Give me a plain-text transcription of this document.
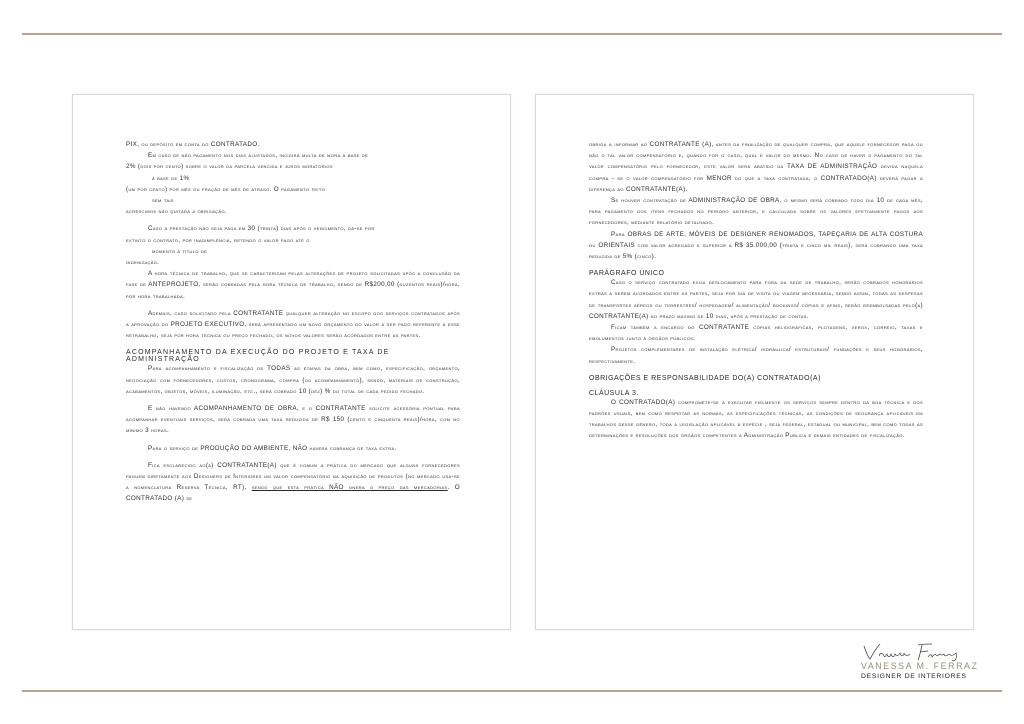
PIX, ou depósito em conta do CONTRATADO.

Em caso de não pagamento nos dias ajustados, incidirá multa de mora à base de

2% (dois por cento) sobre o valor da parcela vencida e juros moratórios

à base de 1%

(um por cento) por mês ou fração de mês de atraso. O pagamento feito

sem tais

acréscimos não quitará a obrigação.

Caso a prestação não seja paga em 30 (trinta) dias após o vencimento, dá-se por

extinto o contrato, por inadimplência, retendo o valor pago até o

momento à título de

indenização.

A hora técnica de trabalho, que se caracterizam pelas alterações de projeto solicitadas após a conclusão da fase de ANTEPROJETO, serão cobradas pela hora técnica de trabalho, sendo de R$200,00 (duzentos reais)/hora, por hora trabalhada.

Ademais, caso solicitado pela CONTRATANTE qualquer alteração no escopo dos serviços contratados após a aprovação do PROJETO EXECUTIVO, será apresentado um novo orçamento do valor a ser pago referente a esse retrabalho, seja por hora técnica ou preço fechado, os novos valores serão acordados entre as partes.

ACOMPANHAMENTO DA EXECUÇÃO DO PROJETO E TAXA DE ADMINISTRAÇÃO

Para acompanhamento e fiscalização de TODAS as etapas da obra, bem como, especificação, orçamento, negociação com fornecedores, custos, cronograma, compra (ou acompanhamento), sendo, materiais de construção, acabamentos, objetos, móveis, iluminação, etc., será cobrado 10 (dez) % do total de cada pedido fechado.

E não havendo ACOMPANHAMENTO DE OBRA, e o CONTRATANTE solicite acessória pontual para acompanhar eventuais serviços, será cobrada uma taxa reduzida de R$ 150 (cento e cinquenta reais)/hora, com no mínimo 3 horas.

Para o serviço de PRODUÇÃO DO AMBIENTE, NÃO haverá cobrança de taxa extra.

Fica esclarecido ao(à) CONTRATANTE(A) que é comum a prática do mercado que alguns fornecedores paguem diretamente aos Designers de Interiores um valor compensatório na aquisição de produtos (no mercado usa-se a nomenclatura Reserva Técnica, RT), sendo que esta prática NÃO onera o preço das mercadorias. O CONTRATADO (A) se

obriga a informar ao CONTRATANTE (A), antes da finalização de qualquer compra, que aquele fornecedor paga ou não o tal valor compensatório e, quando for o caso, qual é valor do mesmo. No caso de haver o pagamento do tal valor compensatório pelo fornecedor, este valor será abatido da TAXA DE ADMINISTRAÇÃO devida naquela compra - se o valor compensatório for MENOR do que a taxa contratada, o CONTRATADO(A) deverá pagar a diferença ao CONTRATANTE(A).

Se houver contratação de ADMINISTRAÇÃO DE OBRA, o mesmo será cobrado todo dia 10 de cada mês, para pagamento dos itens fechados no período anterior, e calculada sobre os valores efetivamente pagos aos fornecedores, mediante relatório detalhado.

Para OBRAS DE ARTE, MÓVEIS DE DESIGNER RENOMADOS, TAPEÇARIA DE ALTA COSTURA ou ORIENTAIS com valor agregado e superior a R$ 35.000,00 (trinta e cinco mil reais), será cobrando uma taxa reduzida de 5% (cinco).

PARÁGRAFO ÚNICO

Caso o serviço contratado exija deslocamento para fora da sede de trabalho, serão cobrados honorários extras a serem acordados entre as partes, seja por dia de visita ou viagem necessária, sendo assim, todas as despesas de transportes aéreos ou terrestres/ hospedagem/ alimentação/ bookings/ cópias e afins, serão reembolsadas pelo(a) CONTRATANTE(A) no prazo máximo de 10 dias, após a prestação de contas.

Ficam também a encargo do CONTRATANTE cópias heliográficas, plotagens, xerox, correio, taxas e emolumentos junto à órgãos públicos.

Projetos complementares de instalação elétrica/ hidráulica/ estruturais/ fundações e seus honorários, respectivamente.

OBRIGAÇÕES E RESPONSABILIDADE DO(A) CONTRATADO(A)
CLÁUSULA 3.

O CONTRATADO(A) compromete-se a executar fielmente os serviços sempre dentro da boa técnica e dos padrões usuais, bem como respeitar as normas, as especificações técnicas, as condições de segurança aplicáveis em trabalhos desse gênero, toda à legislação aplicável à espécie , seja federal, estadual ou municipal, bem como todas as determinações e resoluções dos órgãos competentes a Administração Publica e demais entidades de fiscalização.

VANESSA M. FERRAZ
DESIGNER DE INTERIORES
